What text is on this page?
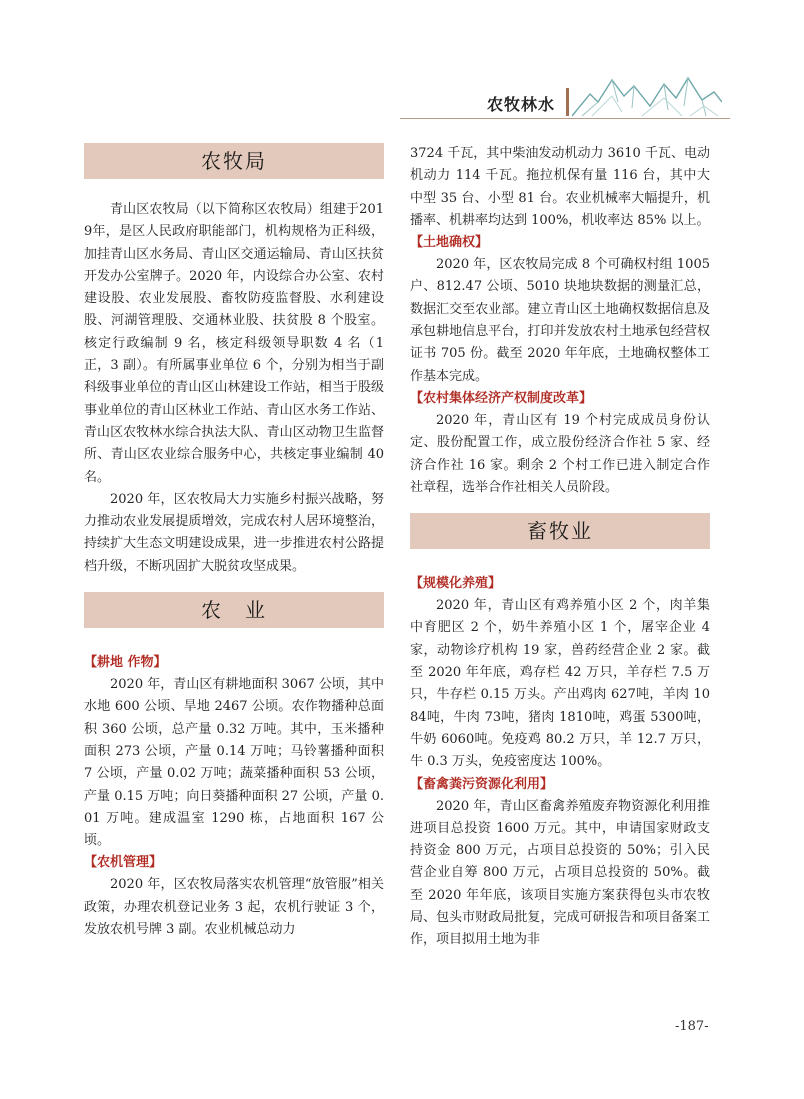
农牧林水
农牧局

青山区农牧局（以下简称区农牧局）组建于2019年，是区人民政府职能部门，机构规格为正科级，加挂青山区水务局、青山区交通运输局、青山区扶贫开发办公室牌子。2020 年，内设综合办公室、农村建设股、农业发展股、畜牧防疫监督股、水利建设股、河湖管理股、交通林业股、扶贫股 8 个股室。核定行政编制 9 名，核定科级领导职数 4 名（1 正，3 副）。有所属事业单位 6 个，分别为相当于副科级事业单位的青山区山林建设工作站，相当于股级事业单位的青山区林业工作站、青山区水务工作站、青山区农牧林水综合执法大队、青山区动物卫生监督所、青山区农业综合服务中心，共核定事业编制 40 名。

2020 年，区农牧局大力实施乡村振兴战略，努力推动农业发展提质增效，完成农村人居环境整治，持续扩大生态文明建设成果，进一步推进农村公路提档升级，不断巩固扩大脱贫攻坚成果。

农　业
【耕地 作物】

2020 年，青山区有耕地面积 3067 公顷，其中水地 600 公顷、旱地 2467 公顷。农作物播种总面积 360 公顷，总产量 0.32 万吨。其中，玉米播种面积 273 公顷，产量 0.14 万吨；马铃薯播种面积 7 公顷，产量 0.02 万吨；蔬菜播种面积 53 公顷，产量 0.15 万吨；向日葵播种面积 27 公顷，产量 0.01 万吨。建成温室 1290 栋，占地面积 167 公顷。

【农机管理】

2020 年，区农牧局落实农机管理“放管服”相关政策，办理农机登记业务 3 起，农机行驶证 3 个，发放农机号牌 3 副。农业机械总动力

3724 千瓦，其中柴油发动机动力 3610 千瓦、电动机动力 114 千瓦。拖拉机保有量 116 台，其中大中型 35 台、小型 81 台。农业机械率大幅提升，机播率、机耕率均达到 100%，机收率达 85% 以上。

【土地确权】

2020 年，区农牧局完成 8 个可确权村组 1005 户、812.47 公顷、5010 块地块数据的测量汇总，数据汇交至农业部。建立青山区土地确权数据信息及承包耕地信息平台，打印并发放农村土地承包经营权证书 705 份。截至 2020 年年底，土地确权整体工作基本完成。

【农村集体经济产权制度改革】

2020 年，青山区有 19 个村完成成员身份认定、股份配置工作，成立股份经济合作社 5 家、经济合作社 16 家。剩余 2 个村工作已进入制定合作社章程，选举合作社相关人员阶段。

畜牧业
【规模化养殖】

2020 年，青山区有鸡养殖小区 2 个，肉羊集中育肥区 2 个，奶牛养殖小区 1 个，屠宰企业 4 家，动物诊疗机构 19 家，兽药经营企业 2 家。截至 2020 年年底，鸡存栏 42 万只，羊存栏 7.5 万只，牛存栏 0.15 万头。产出鸡肉 627吨，羊肉 1084吨，牛肉 73吨，猪肉 1810吨，鸡蛋 5300吨，牛奶 6060吨。免疫鸡 80.2 万只，羊 12.7 万只，牛 0.3 万头，免疫密度达 100%。

【畜禽粪污资源化利用】

2020 年，青山区畜禽养殖废弃物资源化利用推进项目总投资 1600 万元。其中，申请国家财政支持资金 800 万元，占项目总投资的 50%；引入民营企业自筹 800 万元，占项目总投资的 50%。截至 2020 年年底，该项目实施方案获得包头市农牧局、包头市财政局批复，完成可研报告和项目备案工作，项目拟用土地为非

-187-
